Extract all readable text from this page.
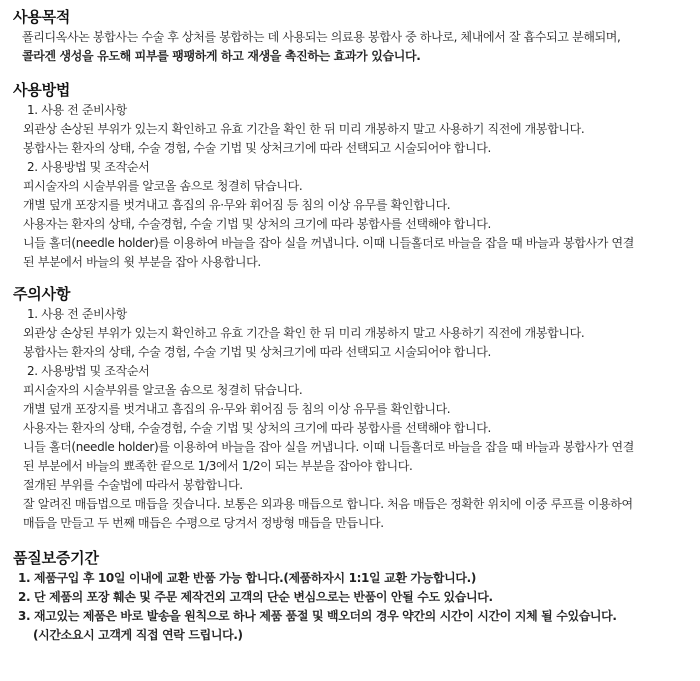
사용목적

폴리디옥사논 봉합사는 수술 후 상처를 봉합하는 데 사용되는 의료용 봉합사 중 하나로, 체내에서 잘 흡수되고 분해되며,

콜라겐 생성을 유도해 피부를 팽팽하게 하고 재생을 촉진하는 효과가 있습니다.

사용방법

1. 사용 전 준비사항

외관상 손상된 부위가 있는지 확인하고 유효 기간을 확인 한 뒤 미리 개봉하지 말고 사용하기 직전에 개봉합니다.

봉합사는 환자의 상태, 수술 경험, 수술 기법 및 상처크기에 따라 선택되고 시술되어야 합니다.

2. 사용방법 및 조작순서

피시술자의 시술부위를 알코올 솜으로 청결히 닦습니다.

개별 덮개 포장지를 벗겨내고 흠집의 유·무와 휘어짐 등 침의 이상 유무를 확인합니다.

사용자는 환자의 상태, 수술경험, 수술 기법 및 상처의 크기에 따라 봉합사를 선택해야 합니다.

니들 홀더(needle holder)를 이용하여 바늘을 잡아 실을 꺼냅니다. 이때 니들홀더로 바늘을 잡을 때 바늘과 봉합사가 연결

된 부분에서 바늘의 윗 부분을 잡아 사용합니다.

주의사항

1. 사용 전 준비사항

외관상 손상된 부위가 있는지 확인하고 유효 기간을 확인 한 뒤 미리 개봉하지 말고 사용하기 직전에 개봉합니다.

봉합사는 환자의 상태, 수술 경험, 수술 기법 및 상처크기에 따라 선택되고 시술되어야 합니다.

2. 사용방법 및 조작순서

피시술자의 시술부위를 알코올 솜으로 청결히 닦습니다.

개별 덮개 포장지를 벗겨내고 흠집의 유·무와 휘어짐 등 침의 이상 유무를 확인합니다.

사용자는 환자의 상태, 수술경험, 수술 기법 및 상처의 크기에 따라 봉합사를 선택해야 합니다.

니들 홀더(needle holder)를 이용하여 바늘을 잡아 실을 꺼냅니다. 이때 니들홀더로 바늘을 잡을 때 바늘과 봉합사가 연결

된 부분에서 바늘의 뾰족한 끝으로 1/3에서 1/2이 되는 부분을 잡아야 합니다.

절개된 부위를 수술법에 따라서 봉합합니다.

잘 알려진 매듭법으로 매듭을 짓습니다. 보통은 외과용 매듭으로 합니다. 처음 매듭은 정확한 위치에 이중 루프를 이용하여

매듭을 만들고 두 번째 매듭은 수평으로 당겨서 정방형 매듭을 만듭니다.

품질보증기간

1. 제품구입 후 10일 이내에 교환 반품 가능 합니다.(제품하자시 1:1일 교환 가능합니다.)

2. 단 제품의 포장 훼손 및 주문 제작건외 고객의 단순 변심으로는 반품이 안될 수도 있습니다.

3. 재고있는 제품은 바로 발송을 원칙으로 하나 제품 품절 및 백오더의 경우 약간의 시간이 시간이 지체 될 수있습니다.

(시간소요시 고객게 직접 연락 드립니다.)
